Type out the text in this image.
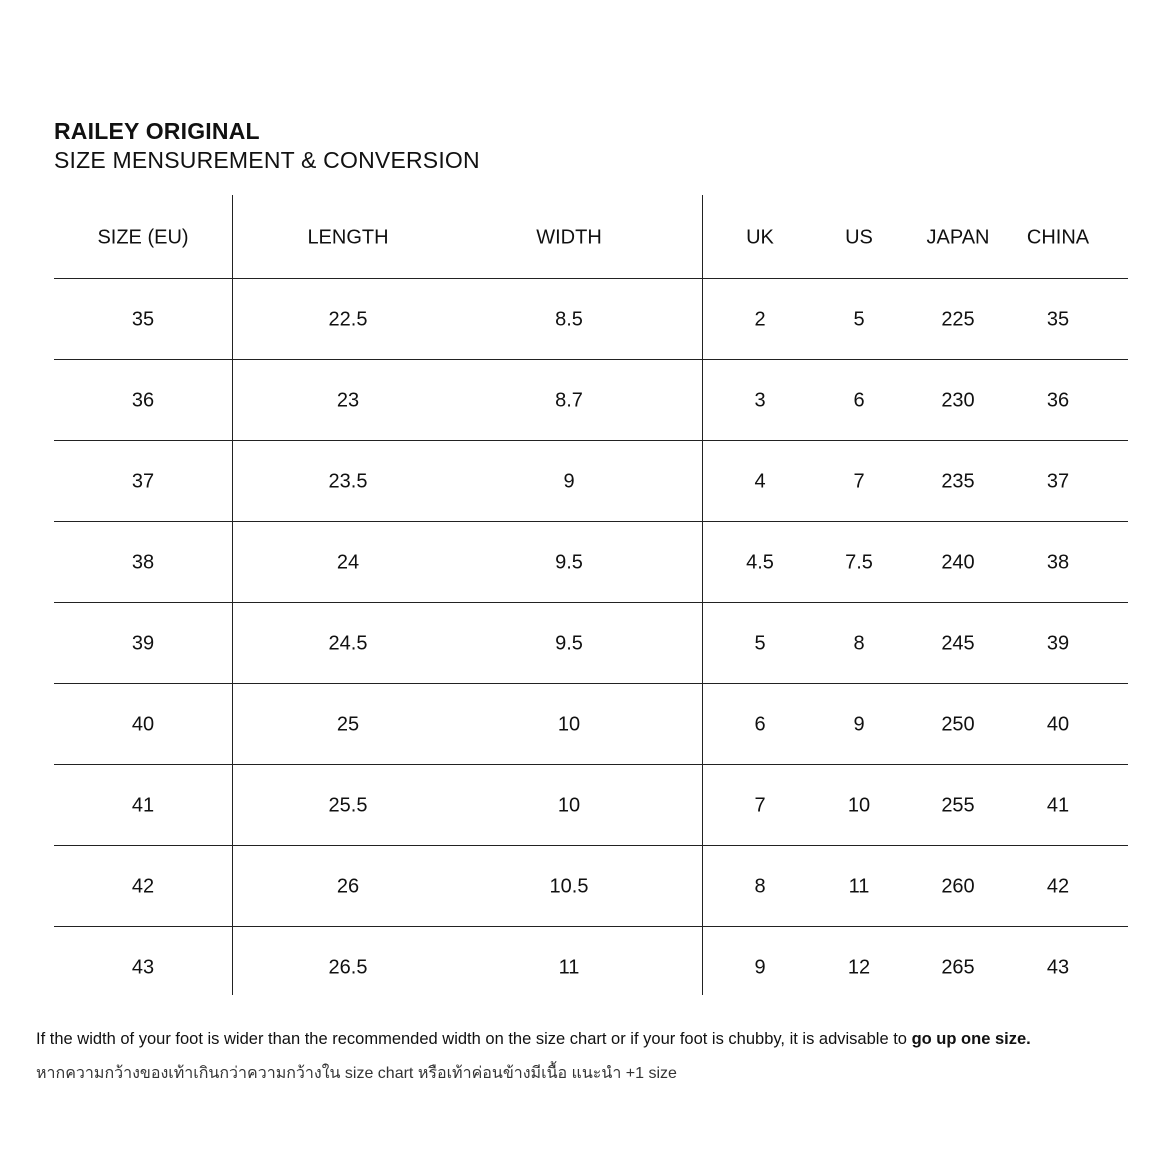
RAILEY ORIGINAL
SIZE MENSUREMENT & CONVERSION
SIZE (EU)	LENGTH	WIDTH	UK	US	JAPAN CHINA
35	22.5	8.5	2	5	225	35
36	23	8.7	3	6	230	36
37	23.5	9	4	7	235	37
38	24	9.5	4.5	7.5	240	38
39	24.5	9.5	5	8	245	39
40	25	10	6	9	250	40
41	25.5	10	7	10	255	41
42	26	10.5	8	11	260	42
43	26.5	11	9	12	265	43

If the width of your foot is wider than the recommended width on the size chart or if your foot is chubby, it is advisable to go up one size.

หากความกว้างของเท้าเกินกว่าความกว้างใน size chart หรือเท้าค่อนข้างมีเนื้อ แนะนำ +1 size
